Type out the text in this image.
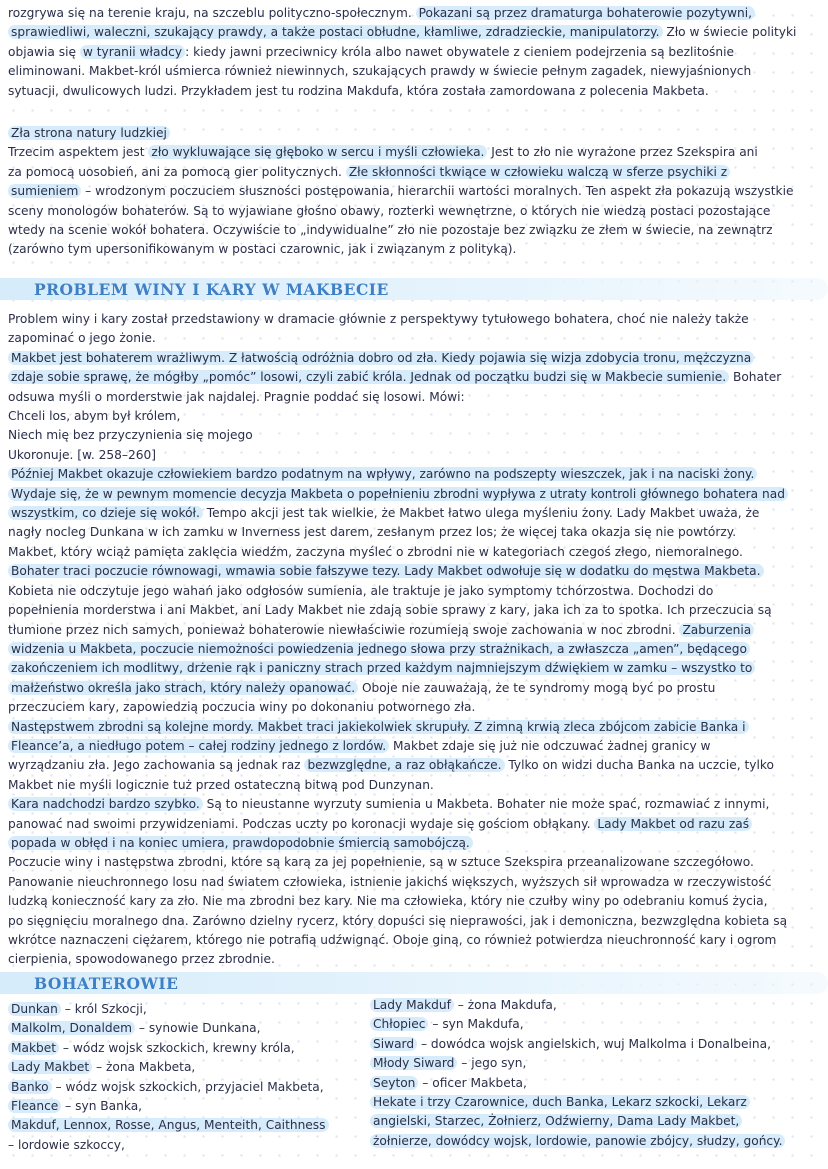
rozgrywa się na terenie kraju, na szczeblu polityczno-społecznym. Pokazani są przez dramaturga bohaterowie pozytywni,
sprawiedliwi, waleczni, szukający prawdy, a także postaci obłudne, kłamliwe, zdradzieckie, manipulatorzy. Zło w świecie polityki
objawia się w tyranii władcy : kiedy jawni przeciwnicy króla albo nawet obywatele z cieniem podejrzenia są bezlitośnie
eliminowani. Makbet-król uśmierca również niewinnych, szukających prawdy w świecie pełnym zagadek, niewyjaśnionych
sytuacji, dwulicowych ludzi. Przykładem jest tu rodzina Makdufa, która została zamordowana z polecenia Makbeta.
Zła strona natury ludzkiej
Trzecim aspektem jest zło wykluwające się głęboko w sercu i myśli człowieka. Jest to zło nie wyrażone przez Szekspira ani
za pomocą uosobień, ani za pomocą gier politycznych. Złe skłonności tkwiące w człowieku walczą w sferze psychiki z
sumieniem – wrodzonym poczuciem słuszności postępowania, hierarchii wartości moralnych. Ten aspekt zła pokazują wszystkie
sceny monologów bohaterów. Są to wyjawiane głośno obawy, rozterki wewnętrzne, o których nie wiedzą postaci pozostające
wtedy na scenie wokół bohatera. Oczywiście to „indywidualne” zło nie pozostaje bez związku ze złem w świecie, na zewnątrz
(zarówno tym upersonifikowanym w postaci czarownic, jak i związanym z polityką).
PROBLEM WINY I KARY W MAKBECIE
Problem winy i kary został przedstawiony w dramacie głównie z perspektywy tytułowego bohatera, choć nie należy także
zapominać o jego żonie.
Makbet jest bohaterem wrażliwym. Z łatwością odróżnia dobro od zła. Kiedy pojawia się wizja zdobycia tronu, mężczyzna
zdaje sobie sprawę, że mógłby „pomóc” losowi, czyli zabić króla. Jednak od początku budzi się w Makbecie sumienie. Bohater
odsuwa myśli o morderstwie jak najdalej. Pragnie poddać się losowi. Mówi:
Chceli los, abym był królem,
Niech mię bez przyczynienia się mojego
Ukoronuje. [w. 258–260]
Później Makbet okazuje człowiekiem bardzo podatnym na wpływy, zarówno na podszepty wieszczek, jak i na naciski żony.
Wydaje się, że w pewnym momencie decyzja Makbeta o popełnieniu zbrodni wypływa z utraty kontroli głównego bohatera nad
wszystkim, co dzieje się wokół. Tempo akcji jest tak wielkie, że Makbet łatwo ulega myśleniu żony. Lady Makbet uważa, że
nagły nocleg Dunkana w ich zamku w Inverness jest darem, zesłanym przez los; że więcej taka okazja się nie powtórzy.
Makbet, który wciąż pamięta zaklęcia wiedźm, zaczyna myśleć o zbrodni nie w kategoriach czegoś złego, niemoralnego.
Bohater traci poczucie równowagi, wmawia sobie fałszywe tezy. Lady Makbet odwołuje się w dodatku do męstwa Makbeta.
Kobieta nie odczytuje jego wahań jako odgłosów sumienia, ale traktuje je jako symptomy tchórzostwa. Dochodzi do
popełnienia morderstwa i ani Makbet, ani Lady Makbet nie zdają sobie sprawy z kary, jaka ich za to spotka. Ich przeczucia są
tłumione przez nich samych, ponieważ bohaterowie niewłaściwie rozumieją swoje zachowania w noc zbrodni. Zaburzenia
widzenia u Makbeta, poczucie niemożności powiedzenia jednego słowa przy strażnikach, a zwłaszcza „amen”, będącego
zakończeniem ich modlitwy, drżenie rąk i paniczny strach przed każdym najmniejszym dźwiękiem w zamku – wszystko to
małżeństwo określa jako strach, który należy opanować. Oboje nie zauważają, że te syndromy mogą być po prostu
przeczuciem kary, zapowiedzią poczucia winy po dokonaniu potwornego zła.
Następstwem zbrodni są kolejne mordy. Makbet traci jakiekolwiek skrupuły. Z zimną krwią zleca zbójcom zabicie Banka i
Fleance’a, a niedługo potem – całej rodziny jednego z lordów. Makbet zdaje się już nie odczuwać żadnej granicy w
wyrządzaniu zła. Jego zachowania są jednak raz bezwzględne, a raz obłąkańcze. Tylko on widzi ducha Banka na uczcie, tylko
Makbet nie myśli logicznie tuż przed ostateczną bitwą pod Dunzynan.
Kara nadchodzi bardzo szybko. Są to nieustanne wyrzuty sumienia u Makbeta. Bohater nie może spać, rozmawiać z innymi,
panować nad swoimi przywidzeniami. Podczas uczty po koronacji wydaje się gościom obłąkany. Lady Makbet od razu zaś
popada w obłęd i na koniec umiera, prawdopodobnie śmiercią samobójczą.
Poczucie winy i następstwa zbrodni, które są karą za jej popełnienie, są w sztuce Szekspira przeanalizowane szczegółowo.
Panowanie nieuchronnego losu nad światem człowieka, istnienie jakichś większych, wyższych sił wprowadza w rzeczywistość
ludzką konieczność kary za zło. Nie ma zbrodni bez kary. Nie ma człowieka, który nie czułby winy po odebraniu komuś życia,
po sięgnięciu moralnego dna. Zarówno dzielny rycerz, który dopuści się nieprawości, jak i demoniczna, bezwzględna kobieta są
wkrótce naznaczeni ciężarem, którego nie potrafią udźwignąć. Oboje giną, co również potwierdza nieuchronność kary i ogrom
cierpienia, spowodowanego przez zbrodnie.
BOHATEROWIE
Dunkan – król Szkocji,
Malkolm, Donaldem – synowie Dunkana,
Makbet – wódz wojsk szkockich, krewny króla,
Lady Makbet – żona Makbeta,
Banko – wódz wojsk szkockich, przyjaciel Makbeta,
Fleance – syn Banka,
Makduf, Lennox, Rosse, Angus, Menteith, Caithness
– lordowie szkoccy,
Lady Makduf – żona Makdufa,
Chłopiec – syn Makdufa,
Siward – dowódca wojsk angielskich, wuj Malkolma i Donalbeina,
Młody Siward – jego syn,
Seyton – oficer Makbeta,
Hekate i trzy Czarownice, duch Banka, Lekarz szkocki, Lekarz
angielski, Starzec, Żołnierz, Odźwierny, Dama Lady Makbet,
żołnierze, dowódcy wojsk, lordowie, panowie zbójcy, słudzy, gońcy.
